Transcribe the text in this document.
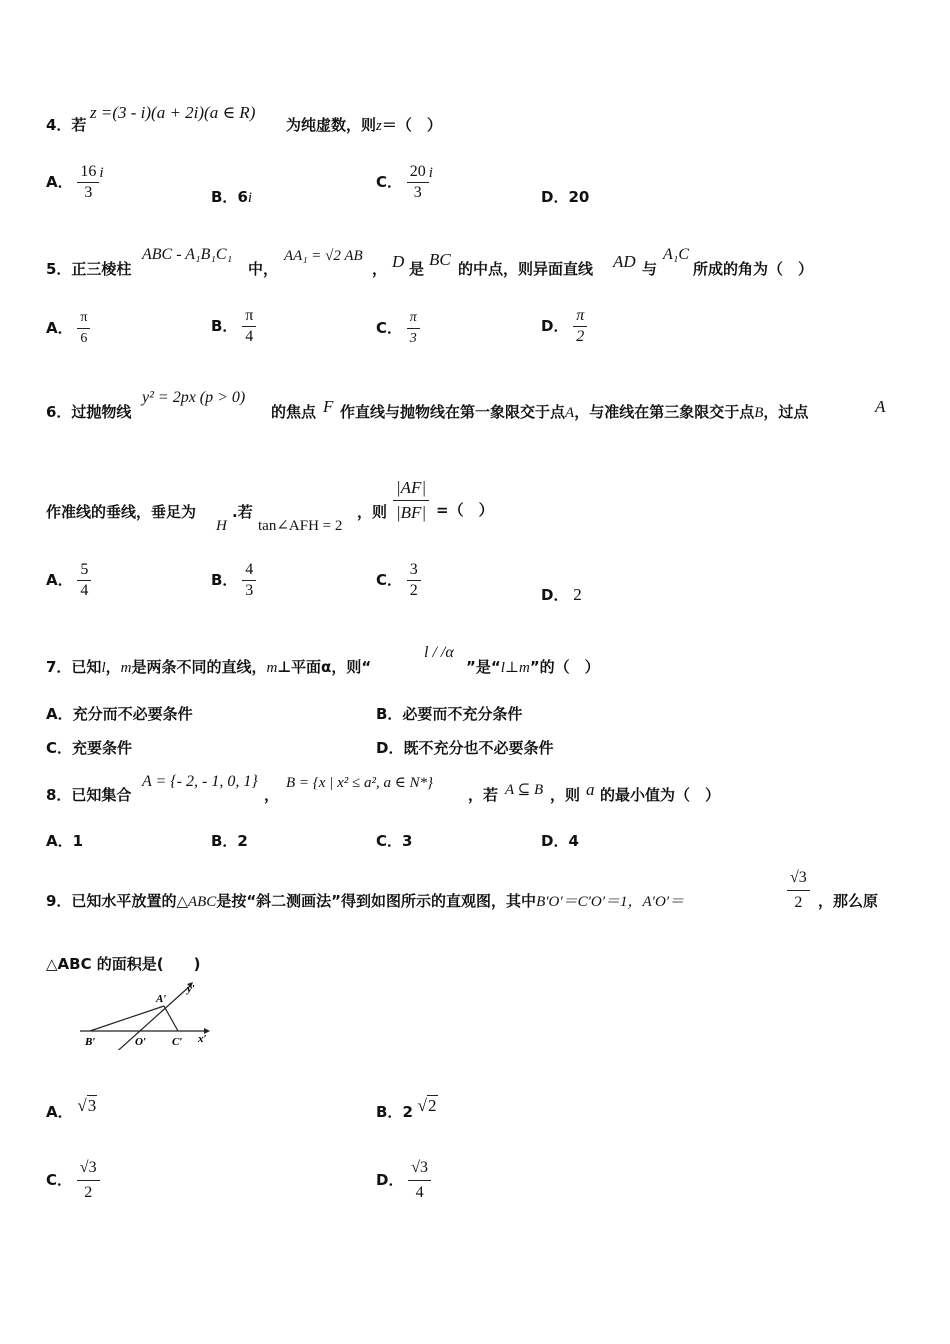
4．若
z =(3 - i)(a + 2i)(a ∈ R)
为纯虚数，则z＝（　）
A． $\frac{16}{3}$ i
B．6i
C． $\frac{20}{3}$ i
D．20
5．正三棱柱
ABC - A₁B₁C₁
中，
AA₁ = √2 AB
， D 是 BC 的中点，则异面直线 AD 与
A₁C
所成的角为（　）
A． $\frac{\pi}{6}$	B． $\frac{\pi}{4}$	C． $\frac{\pi}{3}$	D． $\frac{\pi}{2}$
6．过抛物线
y² = 2px (p > 0)
的焦点 F 作直线与抛物线在第一象限交于点A，与准线在第三象限交于点B，过点	A
作准线的垂线，垂足为
H
.若
tan∠AFH = 2
，则 $\frac{|AF|}{|BF|}$ =（　）
A． $\frac{5}{4}$	B． $\frac{4}{3}$	C． $\frac{3}{2}$	D． 2
7．已知l，m是两条不同的直线，m⊥平面α，则“
l / /α
”是“l⊥m”的（　）
A．充分而不必要条件	B．必要而不充分条件
C．充要条件	D．既不充分也不必要条件
8．已知集合
A = {- 2, - 1, 0, 1}
，
B = {x | x² ≤ a², a ∈ N*}
，若 A ⊆ B ，则 a 的最小值为（　）
A．1	B．2	C．3	D．4
9．已知水平放置的△ABC是按“斜二测画法”得到如图所示的直观图，其中B′O′＝C′O′＝1，A′O′＝	$\frac{√3}{2}$ ，那么原
△ABC 的面积是(　　)
A′
B′	O′ C′ x′
y′
A． √3	B．2 √2
C． $\frac{√3}{2}$	D． $\frac{√3}{4}$
